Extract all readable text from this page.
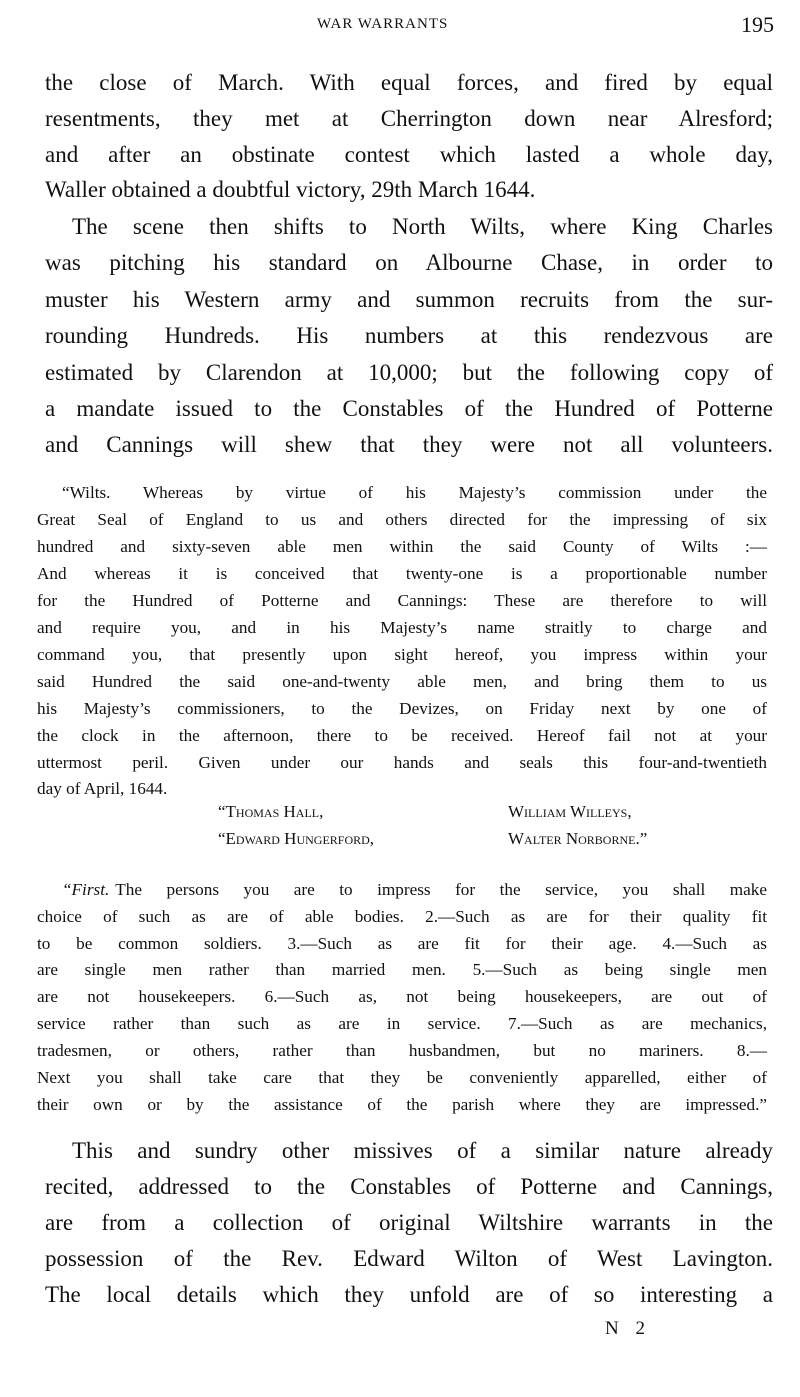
WAR WARRANTS	195
the close of March. With equal forces, and fired by equal
resentments, they met at Cherrington down near Alresford;
and after an obstinate contest which lasted a whole day,
Waller obtained a doubtful victory, 29th March 1644.
The scene then shifts to North Wilts, where King Charles
was pitching his standard on Albourne Chase, in order to
muster his Western army and summon recruits from the sur-
rounding Hundreds. His numbers at this rendezvous are
estimated by Clarendon at 10,000; but the following copy of
a mandate issued to the Constables of the Hundred of Potterne
and Cannings will shew that they were not all volunteers.
“Wilts. Whereas by virtue of his Majesty’s commission under the
Great Seal of England to us and others directed for the impressing of six
hundred and sixty-seven able men within the said County of Wilts :—
And whereas it is conceived that twenty-one is a proportionable number
for the Hundred of Potterne and Cannings: These are therefore to will
and require you, and in his Majesty’s name straitly to charge and
command you, that presently upon sight hereof, you impress within your
said Hundred the said one-and-twenty able men, and bring them to us
his Majesty’s commissioners, to the Devizes, on Friday next by one of
the clock in the afternoon, there to be received. Hereof fail not at your
uttermost peril. Given under our hands and seals this four-and-twentieth
day of April, 1644.
“Thomas Hall,	William Willeys,
“Edward Hungerford,	Walter Norborne.”
“First. The persons you are to impress for the service, you shall make
choice of such as are of able bodies. 2.—Such as are for their quality fit
to be common soldiers. 3.—Such as are fit for their age. 4.—Such as
are single men rather than married men. 5.—Such as being single men
are not housekeepers. 6.—Such as, not being housekeepers, are out of
service rather than such as are in service. 7.—Such as are mechanics,
tradesmen, or others, rather than husbandmen, but no mariners. 8.—
Next you shall take care that they be conveniently apparelled, either of
their own or by the assistance of the parish where they are impressed.”
This and sundry other missives of a similar nature already
recited, addressed to the Constables of Potterne and Cannings,
are from a collection of original Wiltshire warrants in the
possession of the Rev. Edward Wilton of West Lavington.
The local details which they unfold are of so interesting a
N 2
